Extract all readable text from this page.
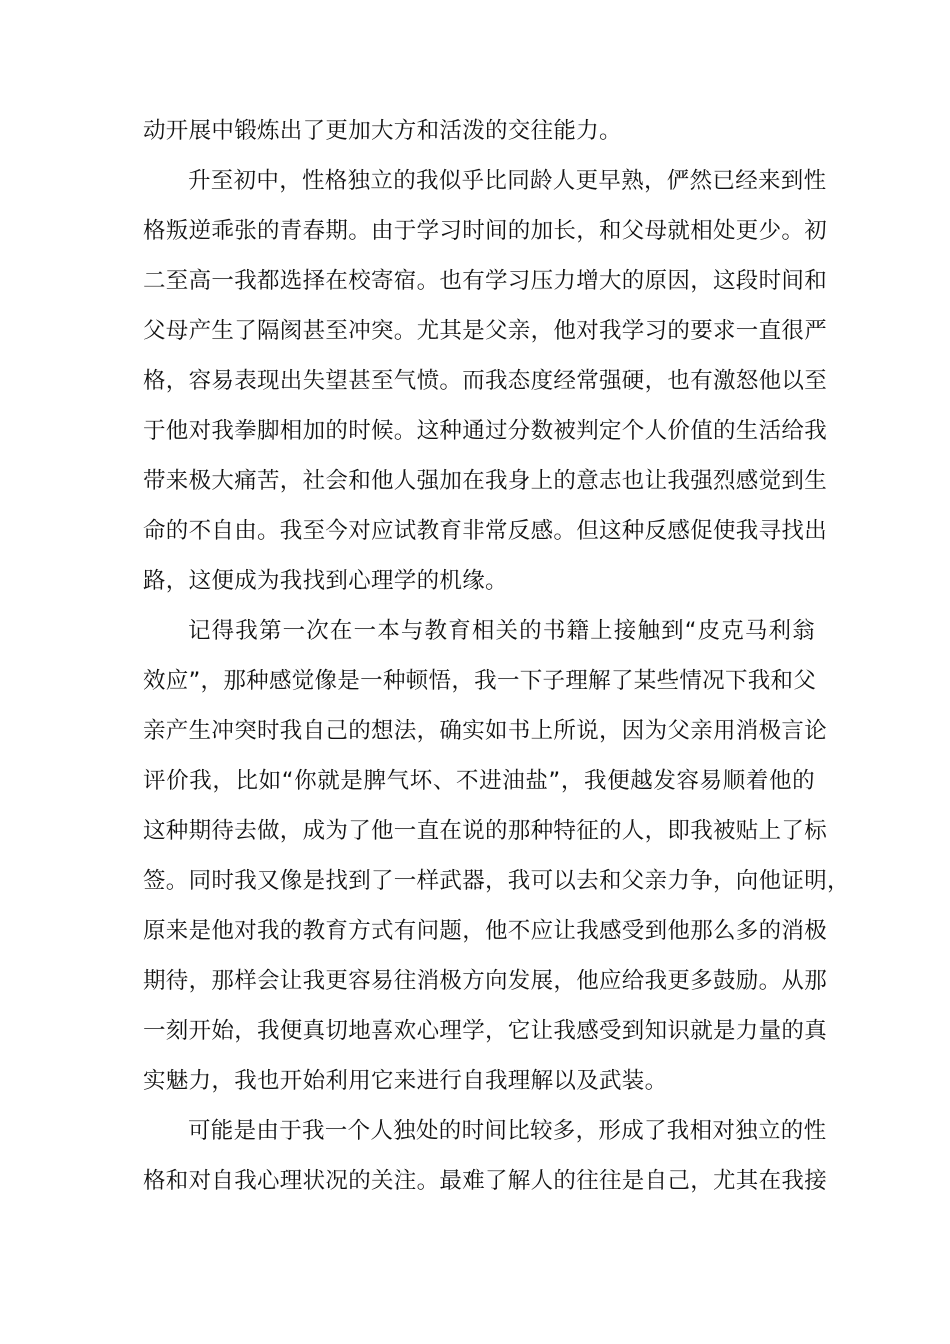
动开展中锻炼出了更加大方和活泼的交往能力。
升至初中，性格独立的我似乎比同龄人更早熟，俨然已经来到性
格叛逆乖张的青春期。由于学习时间的加长，和父母就相处更少。初
二至高一我都选择在校寄宿。也有学习压力增大的原因，这段时间和
父母产生了隔阂甚至冲突。尤其是父亲，他对我学习的要求一直很严
格，容易表现出失望甚至气愤。而我态度经常强硬，也有激怒他以至
于他对我拳脚相加的时候。这种通过分数被判定个人价值的生活给我
带来极大痛苦，社会和他人强加在我身上的意志也让我强烈感觉到生
命的不自由。我至今对应试教育非常反感。但这种反感促使我寻找出
路，这便成为我找到心理学的机缘。
记得我第一次在一本与教育相关的书籍上接触到“皮克马利翁
效应”，那种感觉像是一种顿悟，我一下子理解了某些情况下我和父
亲产生冲突时我自己的想法，确实如书上所说，因为父亲用消极言论
评价我，比如“你就是脾气坏、不进油盐”，我便越发容易顺着他的
这种期待去做，成为了他一直在说的那种特征的人，即我被贴上了标
签。同时我又像是找到了一样武器，我可以去和父亲力争，向他证明，
原来是他对我的教育方式有问题，他不应让我感受到他那么多的消极
期待，那样会让我更容易往消极方向发展，他应给我更多鼓励。从那
一刻开始，我便真切地喜欢心理学，它让我感受到知识就是力量的真
实魅力，我也开始利用它来进行自我理解以及武装。
可能是由于我一个人独处的时间比较多，形成了我相对独立的性
格和对自我心理状况的关注。最难了解人的往往是自己，尤其在我接
